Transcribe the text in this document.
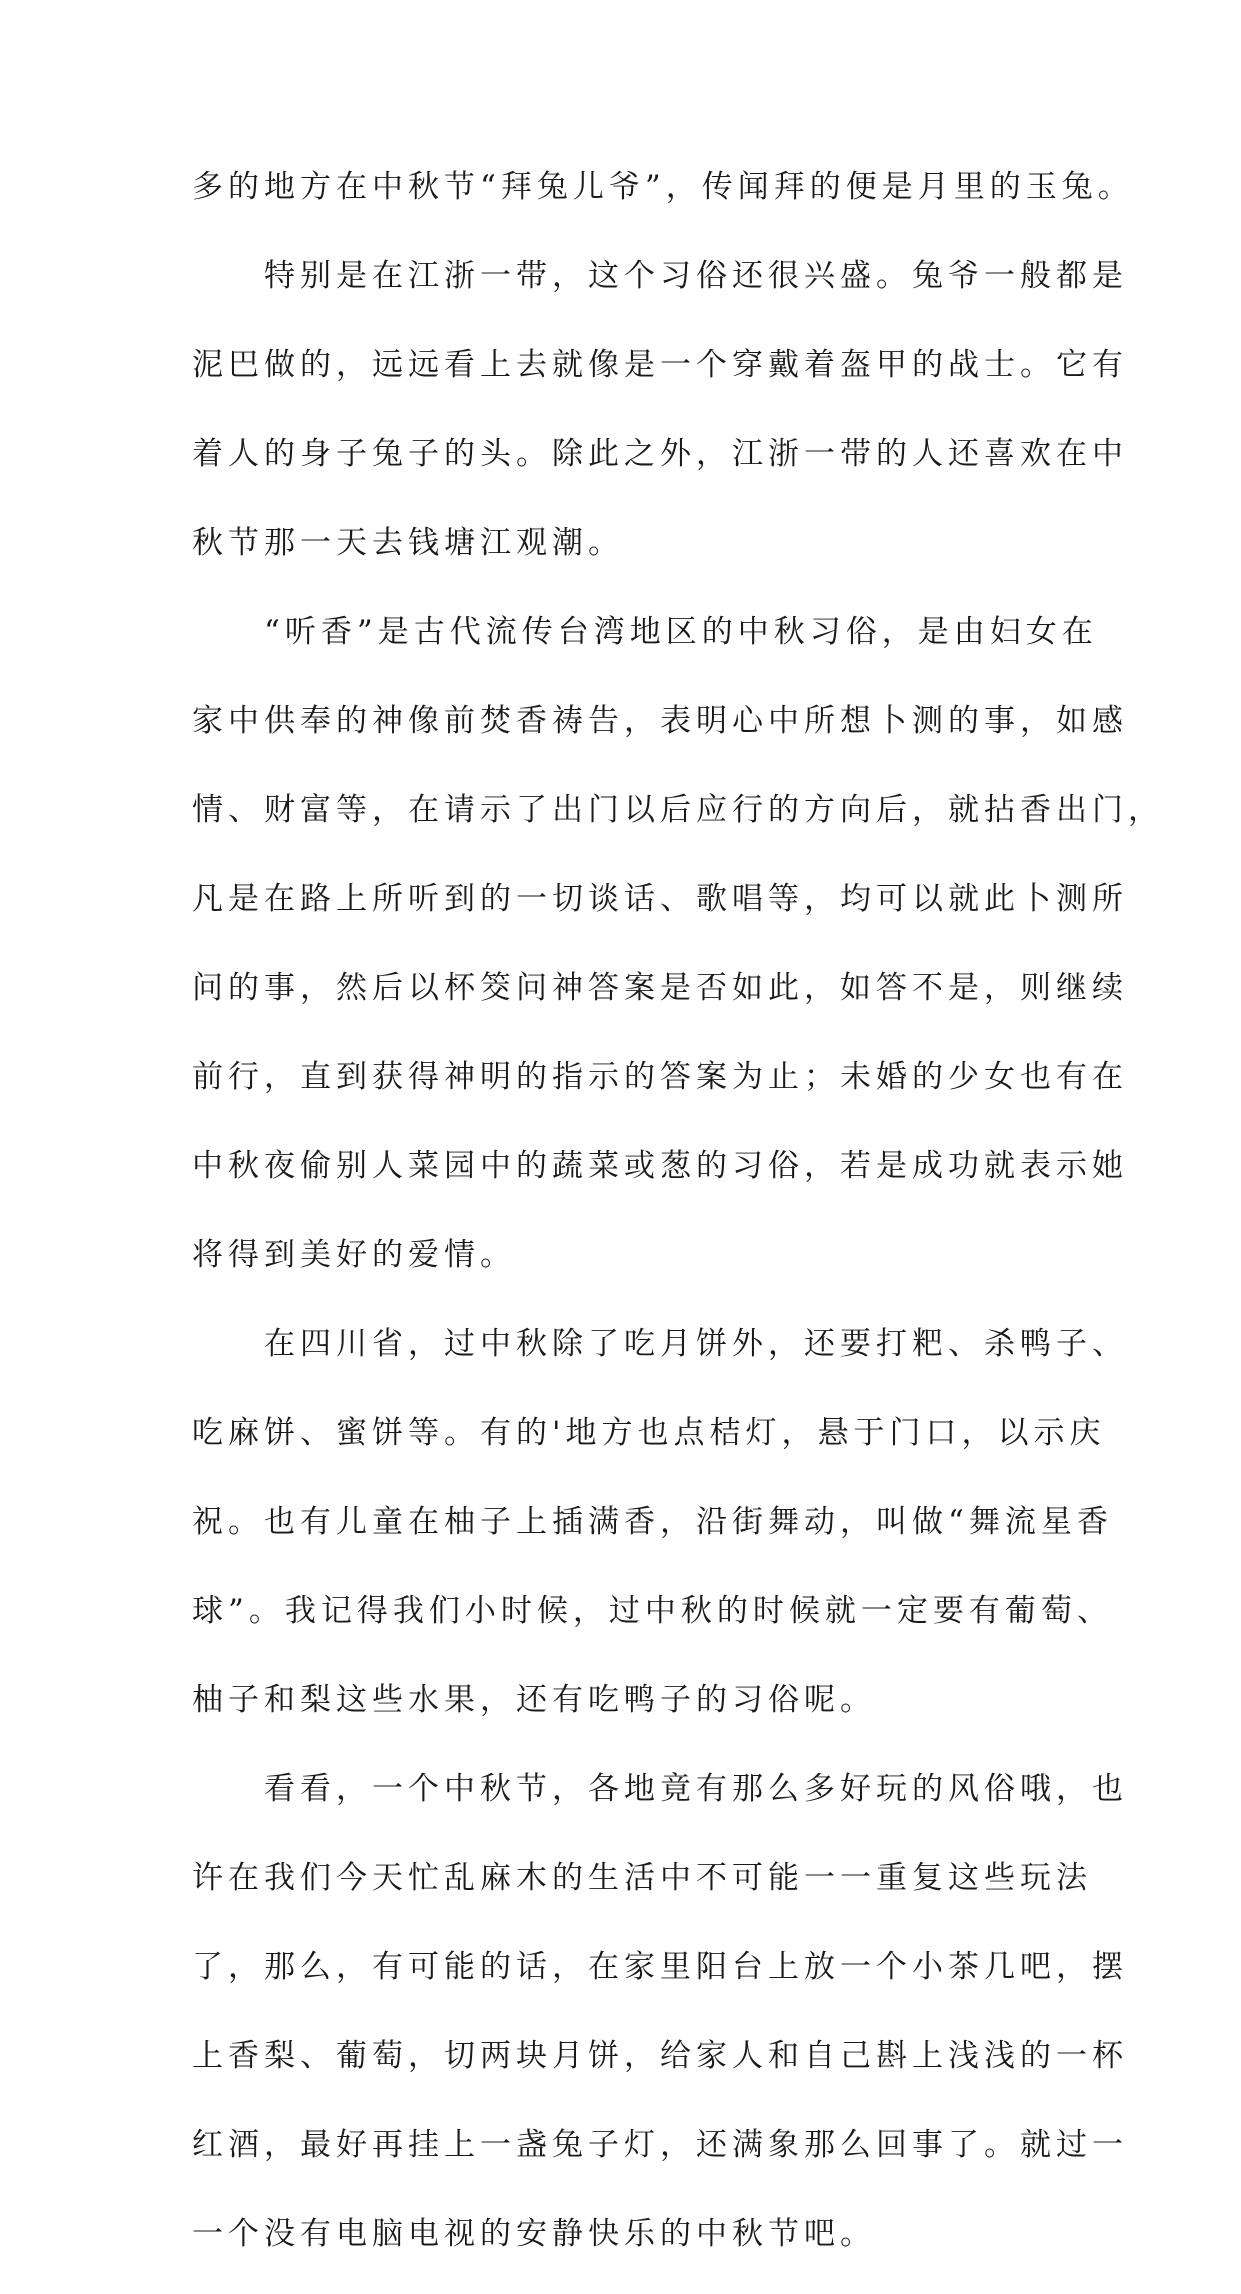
多的地方在中秋节“拜兔儿爷”，传闻拜的便是月里的玉兔。
　　特别是在江浙一带，这个习俗还很兴盛。兔爷一般都是
泥巴做的，远远看上去就像是一个穿戴着盔甲的战士。它有
着人的身子兔子的头。除此之外，江浙一带的人还喜欢在中
秋节那一天去钱塘江观潮。
　　“听香”是古代流传台湾地区的中秋习俗，是由妇女在
家中供奉的神像前焚香祷告，表明心中所想卜测的事，如感
情、财富等，在请示了出门以后应行的方向后，就拈香出门，
凡是在路上所听到的一切谈话、歌唱等，均可以就此卜测所
问的事，然后以杯筊问神答案是否如此，如答不是，则继续
前行，直到获得神明的指示的答案为止；未婚的少女也有在
中秋夜偷别人菜园中的蔬菜或葱的习俗，若是成功就表示她
将得到美好的爱情。
　　在四川省，过中秋除了吃月饼外，还要打粑、杀鸭子、
吃麻饼、蜜饼等。有的'地方也点桔灯，悬于门口，以示庆
祝。也有儿童在柚子上插满香，沿街舞动，叫做“舞流星香
球”。我记得我们小时候，过中秋的时候就一定要有葡萄、
柚子和梨这些水果，还有吃鸭子的习俗呢。
　　看看，一个中秋节，各地竟有那么多好玩的风俗哦，也
许在我们今天忙乱麻木的生活中不可能一一重复这些玩法
了，那么，有可能的话，在家里阳台上放一个小茶几吧，摆
上香梨、葡萄，切两块月饼，给家人和自己斟上浅浅的一杯
红酒，最好再挂上一盏兔子灯，还满象那么回事了。就过一
一个没有电脑电视的安静快乐的中秋节吧。
